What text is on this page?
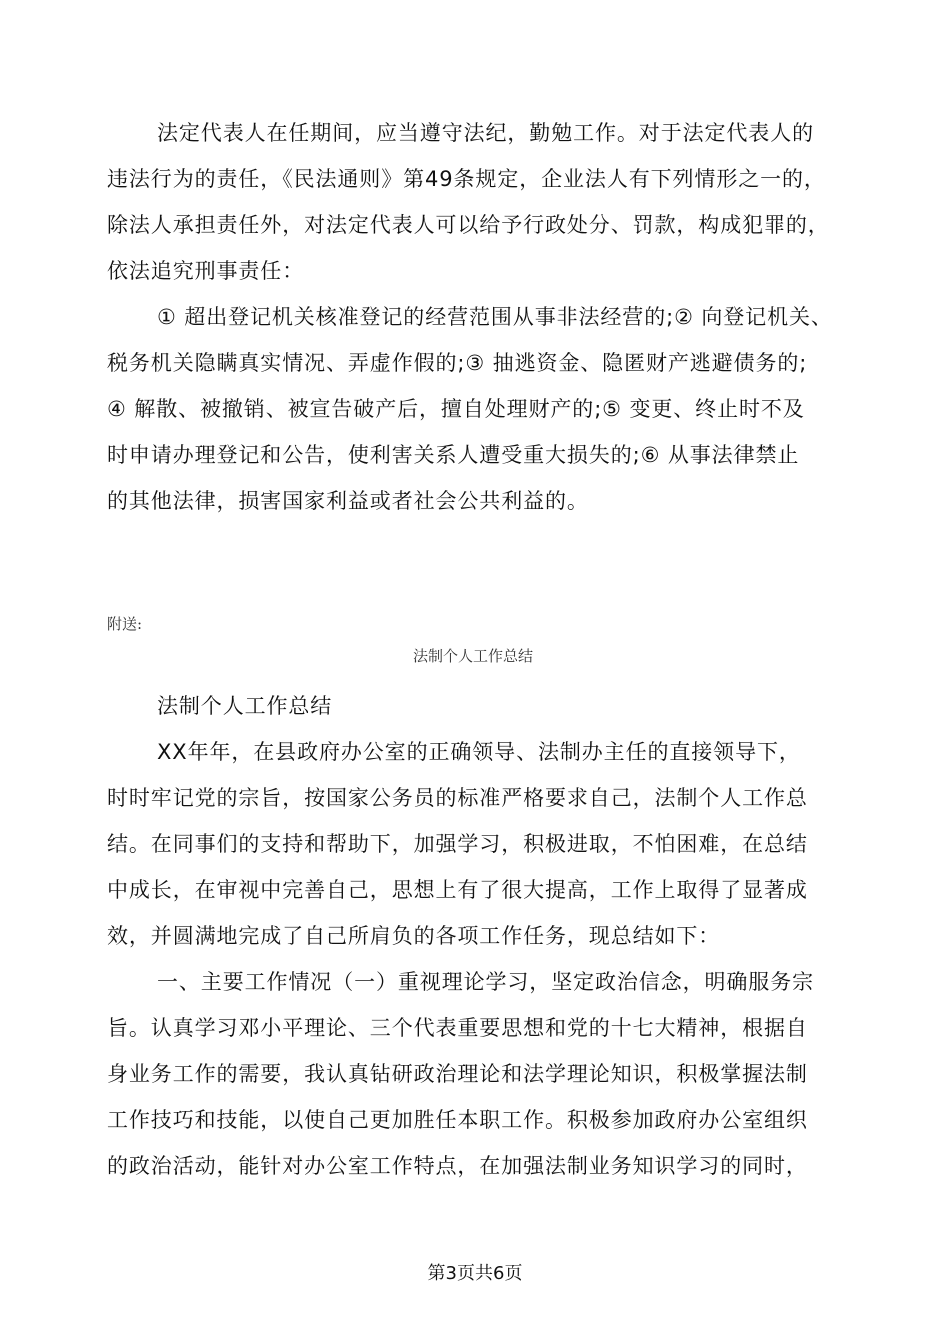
法定代表人在任期间，应当遵守法纪，勤勉工作。对于法定代表人的
违法行为的责任，《民法通则》第49条规定，企业法人有下列情形之一的，
除法人承担责任外，对法定代表人可以给予行政处分、罚款，构成犯罪的，
依法追究刑事责任：
① 超出登记机关核准登记的经营范围从事非法经营的;② 向登记机关、
税务机关隐瞒真实情况、弄虚作假的;③ 抽逃资金、隐匿财产逃避债务的;
④ 解散、被撤销、被宣告破产后，擅自处理财产的;⑤ 变更、终止时不及
时申请办理登记和公告，使利害关系人遭受重大损失的;⑥ 从事法律禁止
的其他法律，损害国家利益或者社会公共利益的。
附送:
法制个人工作总结
法制个人工作总结
XX年年，在县政府办公室的正确领导、法制办主任的直接领导下，
时时牢记党的宗旨，按国家公务员的标准严格要求自己，法制个人工作总
结。在同事们的支持和帮助下，加强学习，积极进取，不怕困难，在总结
中成长，在审视中完善自己，思想上有了很大提高，工作上取得了显著成
效，并圆满地完成了自己所肩负的各项工作任务，现总结如下：
一、主要工作情况（一）重视理论学习，坚定政治信念，明确服务宗
旨。认真学习邓小平理论、三个代表重要思想和党的十七大精神，根据自
身业务工作的需要，我认真钻研政治理论和法学理论知识，积极掌握法制
工作技巧和技能，以使自己更加胜任本职工作。积极参加政府办公室组织
的政治活动，能针对办公室工作特点，在加强法制业务知识学习的同时，
第3页共6页
